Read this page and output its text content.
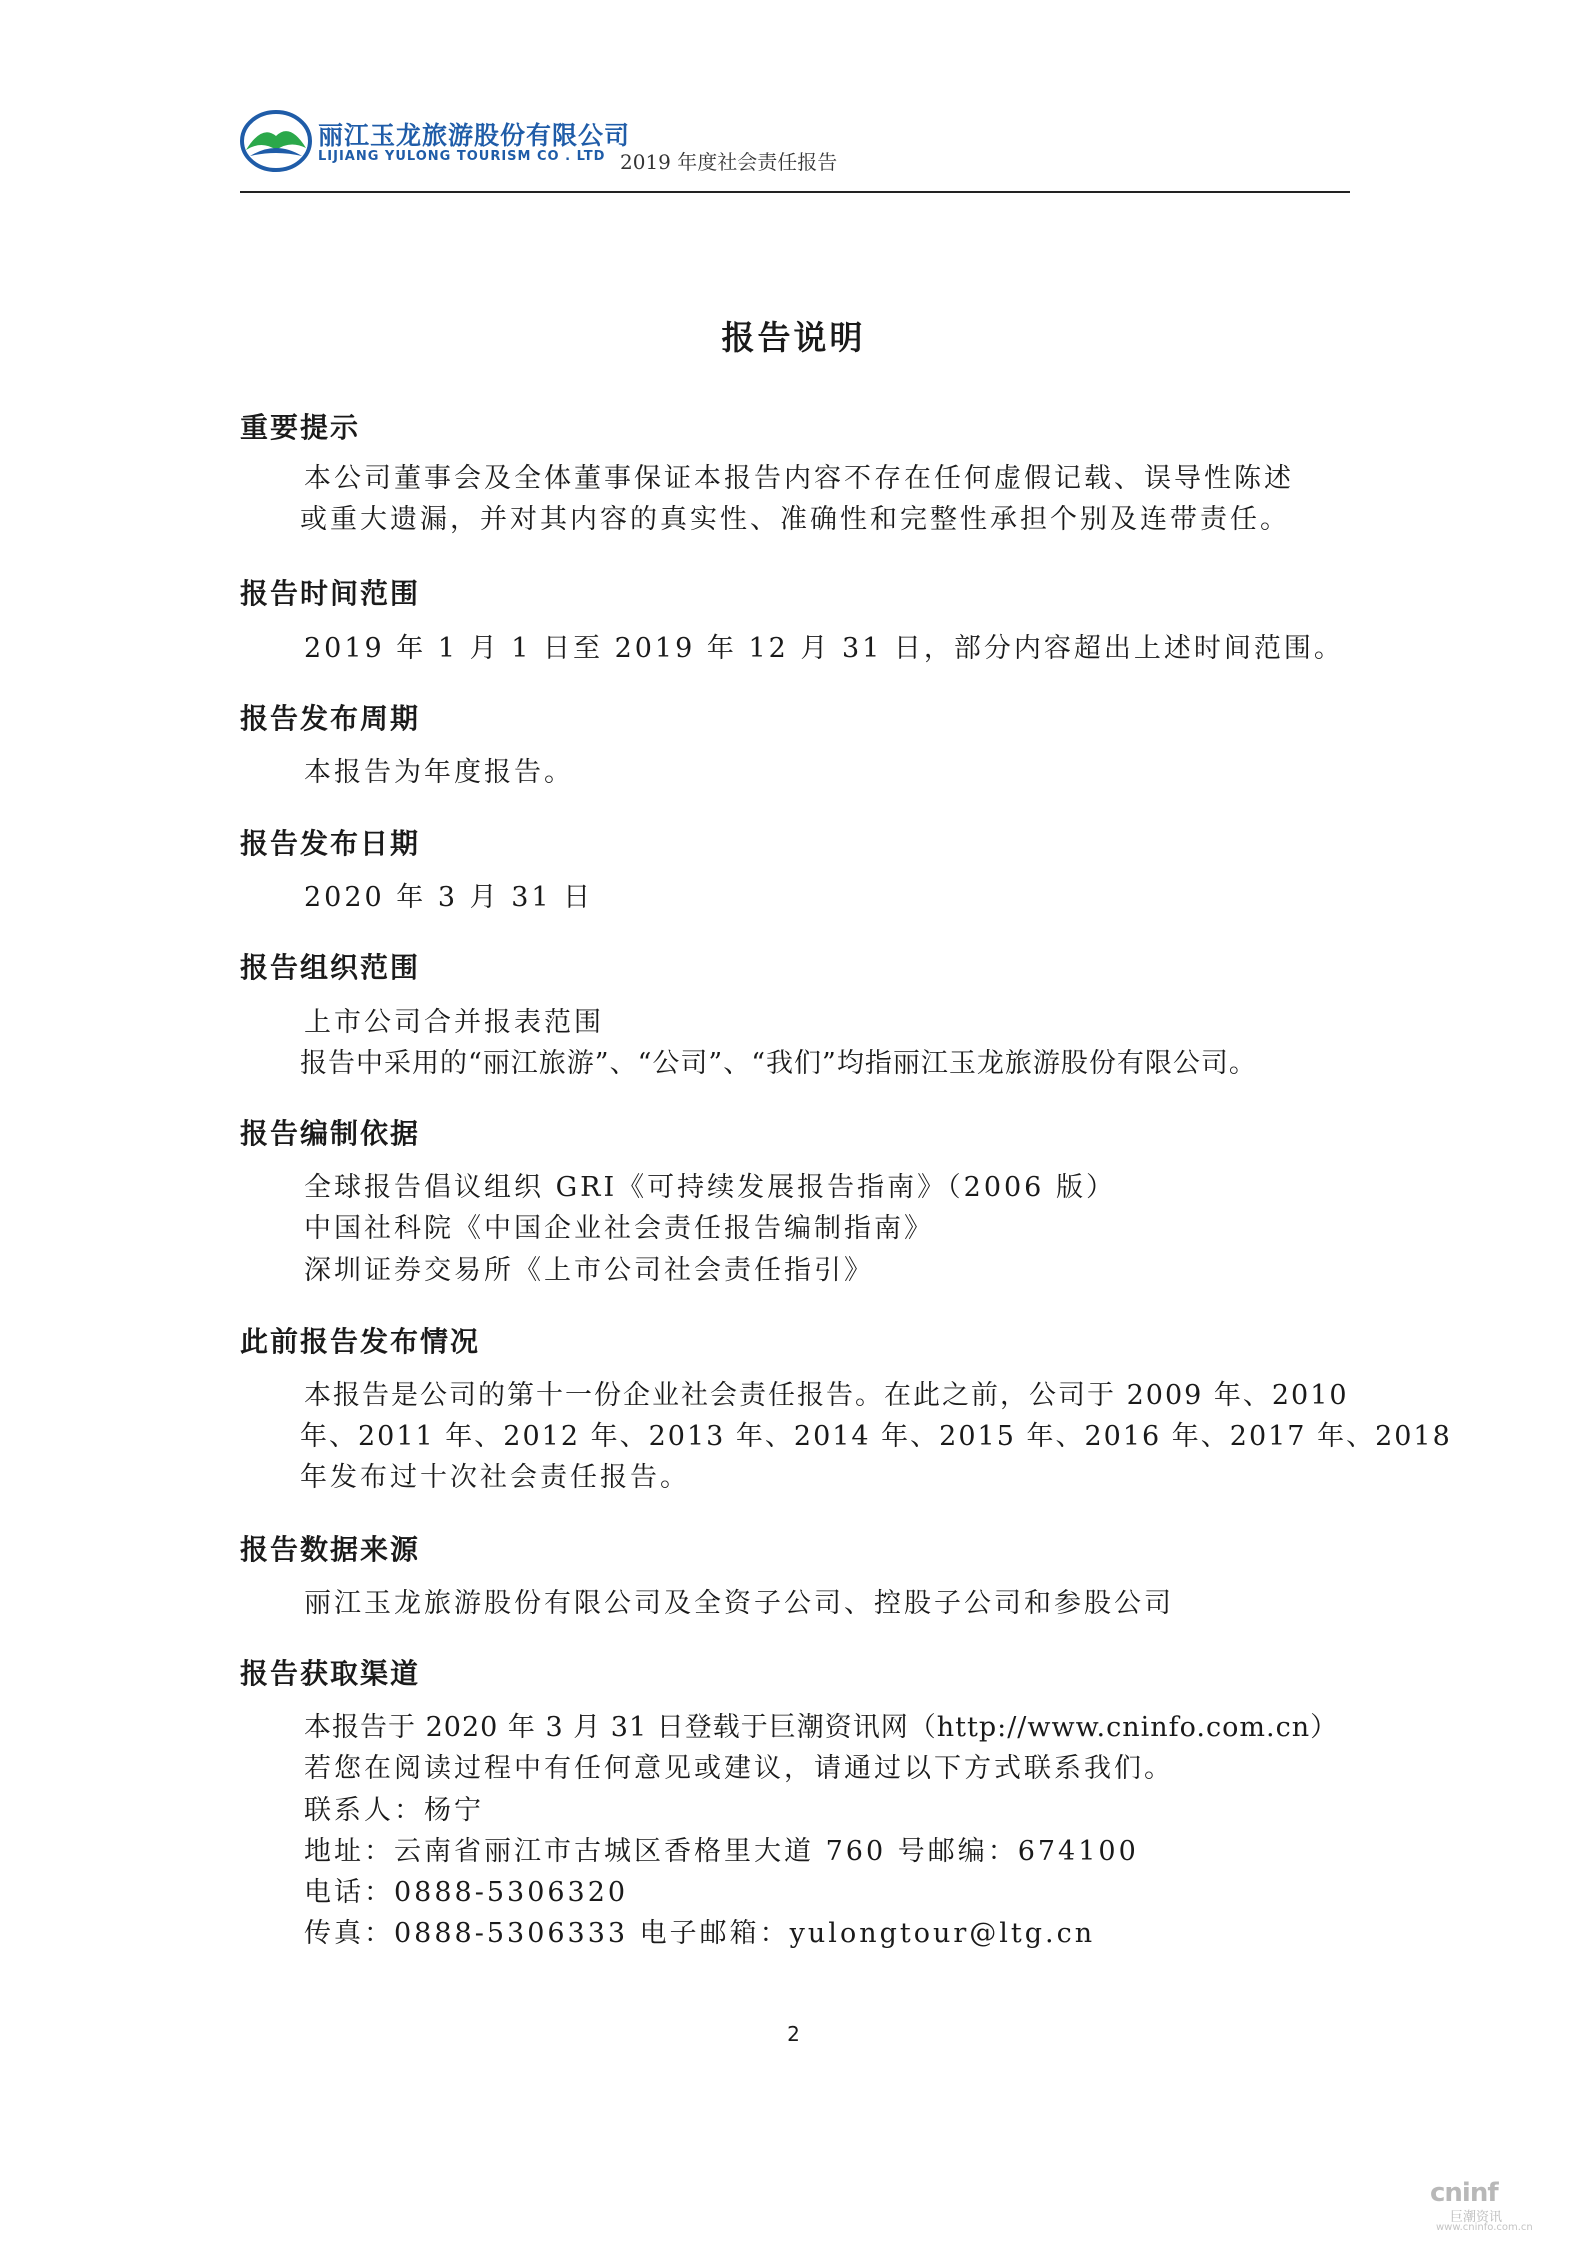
丽江玉龙旅游股份有限公司
LIJIANG YULONG TOURISM CO . LTD 2019 年度社会责任报告
报告说明
重要提示
本公司董事会及全体董事保证本报告内容不存在任何虚假记载、误导性陈述
或重大遗漏，并对其内容的真实性、准确性和完整性承担个别及连带责任。
报告时间范围
2019 年 1 月 1 日至 2019 年 12 月 31 日，部分内容超出上述时间范围。
报告发布周期
本报告为年度报告。
报告发布日期
2020 年 3 月 31 日
报告组织范围
上市公司合并报表范围
报告中采用的“丽江旅游”、“公司”、“我们”均指丽江玉龙旅游股份有限公司。
报告编制依据
全球报告倡议组织 GRI《可持续发展报告指南》（2006 版）
中国社科院《中国企业社会责任报告编制指南》
深圳证券交易所《上市公司社会责任指引》
此前报告发布情况
本报告是公司的第十一份企业社会责任报告。在此之前，公司于 2009 年、2010
年、2011 年、2012 年、2013 年、2014 年、2015 年、2016 年、2017 年、2018
年发布过十次社会责任报告。
报告数据来源
丽江玉龙旅游股份有限公司及全资子公司、控股子公司和参股公司
报告获取渠道
本报告于 2020 年 3 月 31 日登载于巨潮资讯网（http://www.cninfo.com.cn）
若您在阅读过程中有任何意见或建议，请通过以下方式联系我们。
联系人：杨宁
地址：云南省丽江市古城区香格里大道 760 号邮编：674100
电话：0888-5306320
传真：0888-5306333 电子邮箱：yulongtour@ltg.cn
2
cninf
巨潮资讯
www.cninfo.com.cn
